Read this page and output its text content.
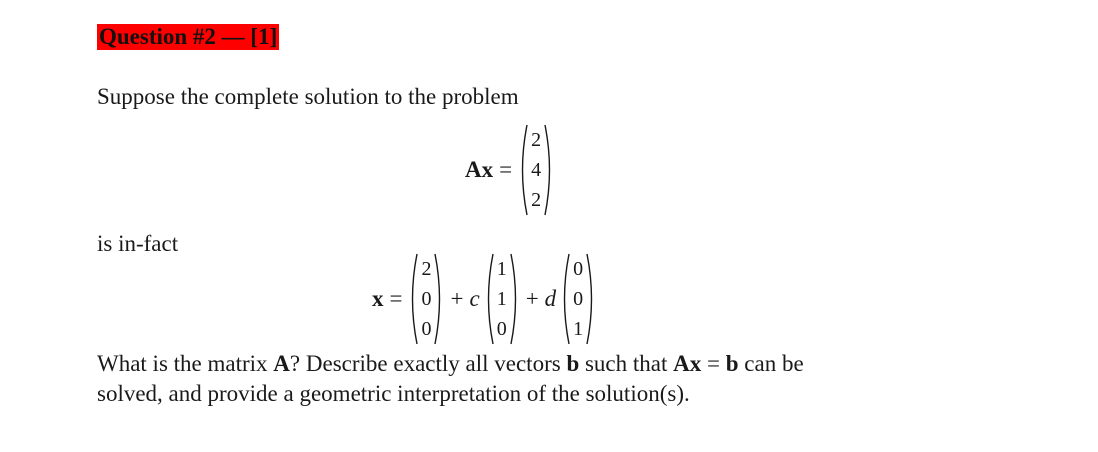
Question #2 — [1]
Suppose the complete solution to the problem
Ax =
2
4
2
is in-fact
x =
2
0
0
+ c
1
1
0
+ d
0
0
1
What is the matrix A? Describe exactly all vectors b such that Ax = b can be
solved, and provide a geometric interpretation of the solution(s).
